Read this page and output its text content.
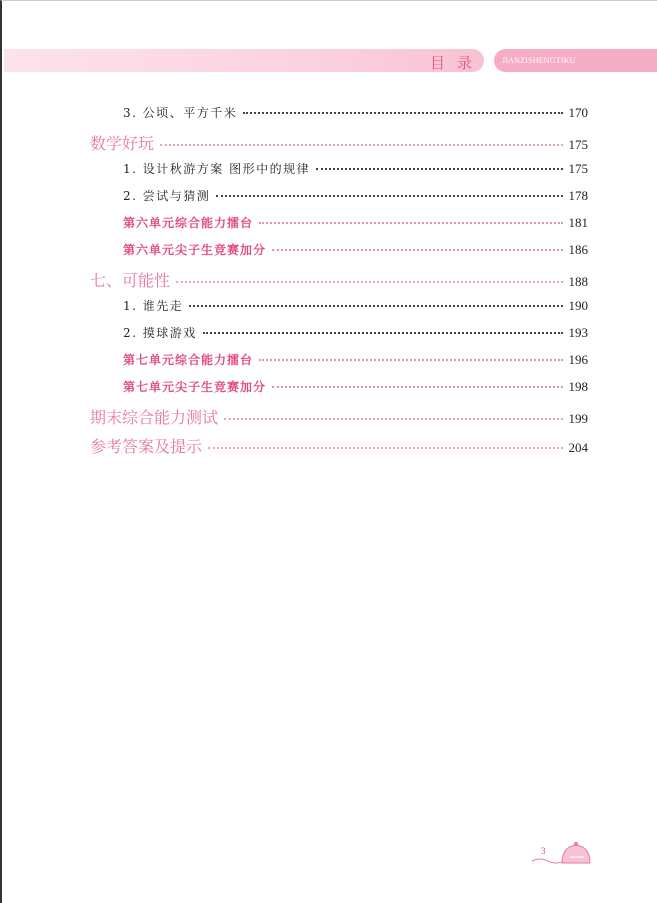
目录	JIANZISHENGTIKU
3. 公顷、平方千米	170
数学好玩	175
1. 设计秋游方案 图形中的规律	175
2. 尝试与猜测	178
第六单元综合能力擂台	181
第六单元尖子生竞赛加分	186
七、可能性	188
1. 谁先走	190
2. 摸球游戏	193
第七单元综合能力擂台	196
第七单元尖子生竞赛加分	198
期末综合能力测试	199
参考答案及提示	204
3
